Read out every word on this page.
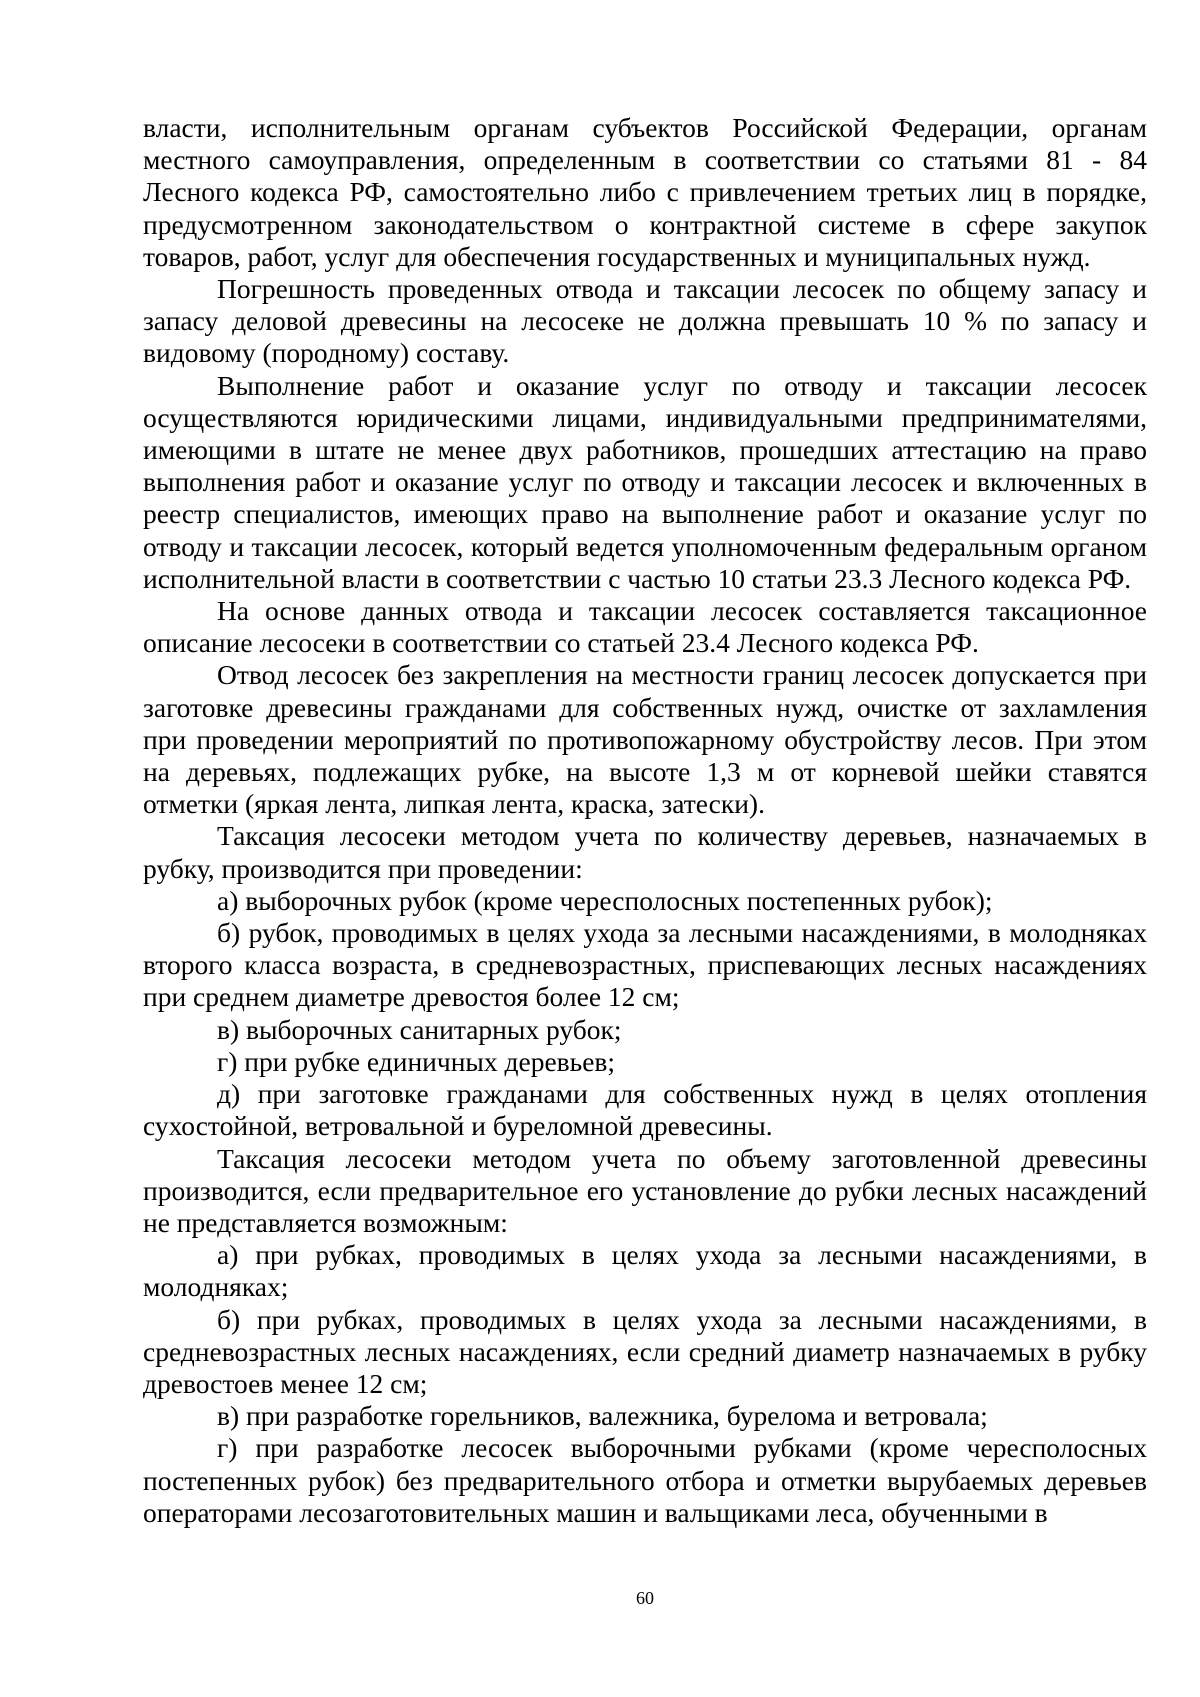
власти, исполнительным органам субъектов Российской Федерации, органам местного самоуправления, определенным в соответствии со статьями 81 - 84 Лесного кодекса РФ, самостоятельно либо с привлечением третьих лиц в порядке, предусмотренном законодательством о контрактной системе в сфере закупок товаров, работ, услуг для обеспечения государственных и муниципальных нужд.

Погрешность проведенных отвода и таксации лесосек по общему запасу и запасу деловой древесины на лесосеке не должна превышать 10 % по запасу и видовому (породному) составу.

Выполнение работ и оказание услуг по отводу и таксации лесосек осуществляются юридическими лицами, индивидуальными предпринимателями, имеющими в штате не менее двух работников, прошедших аттестацию на право выполнения работ и оказание услуг по отводу и таксации лесосек и включенных в реестр специалистов, имеющих право на выполнение работ и оказание услуг по отводу и таксации лесосек, который ведется уполномоченным федеральным органом исполнительной власти в соответствии с частью 10 статьи 23.3 Лесного кодекса РФ.

На основе данных отвода и таксации лесосек составляется таксационное описание лесосеки в соответствии со статьей 23.4 Лесного кодекса РФ.

Отвод лесосек без закрепления на местности границ лесосек допускается при заготовке древесины гражданами для собственных нужд, очистке от захламления при проведении мероприятий по противопожарному обустройству лесов. При этом на деревьях, подлежащих рубке, на высоте 1,3 м от корневой шейки ставятся отметки (яркая лента, липкая лента, краска, затески).

Таксация лесосеки методом учета по количеству деревьев, назначаемых в рубку, производится при проведении:

а) выборочных рубок (кроме чересполосных постепенных рубок);

б) рубок, проводимых в целях ухода за лесными насаждениями, в молодняках второго класса возраста, в средневозрастных, приспевающих лесных насаждениях при среднем диаметре древостоя более 12 см;

в) выборочных санитарных рубок;

г) при рубке единичных деревьев;

д) при заготовке гражданами для собственных нужд в целях отопления сухостойной, ветровальной и буреломной древесины.

Таксация лесосеки методом учета по объему заготовленной древесины производится, если предварительное его установление до рубки лесных насаждений не представляется возможным:

а) при рубках, проводимых в целях ухода за лесными насаждениями, в молодняках;

б) при рубках, проводимых в целях ухода за лесными насаждениями, в средневозрастных лесных насаждениях, если средний диаметр назначаемых в рубку древостоев менее 12 см;

в) при разработке горельников, валежника, бурелома и ветровала;

г) при разработке лесосек выборочными рубками (кроме чересполосных постепенных рубок) без предварительного отбора и отметки вырубаемых деревьев операторами лесозаготовительных машин и вальщиками леса, обученными в

60
